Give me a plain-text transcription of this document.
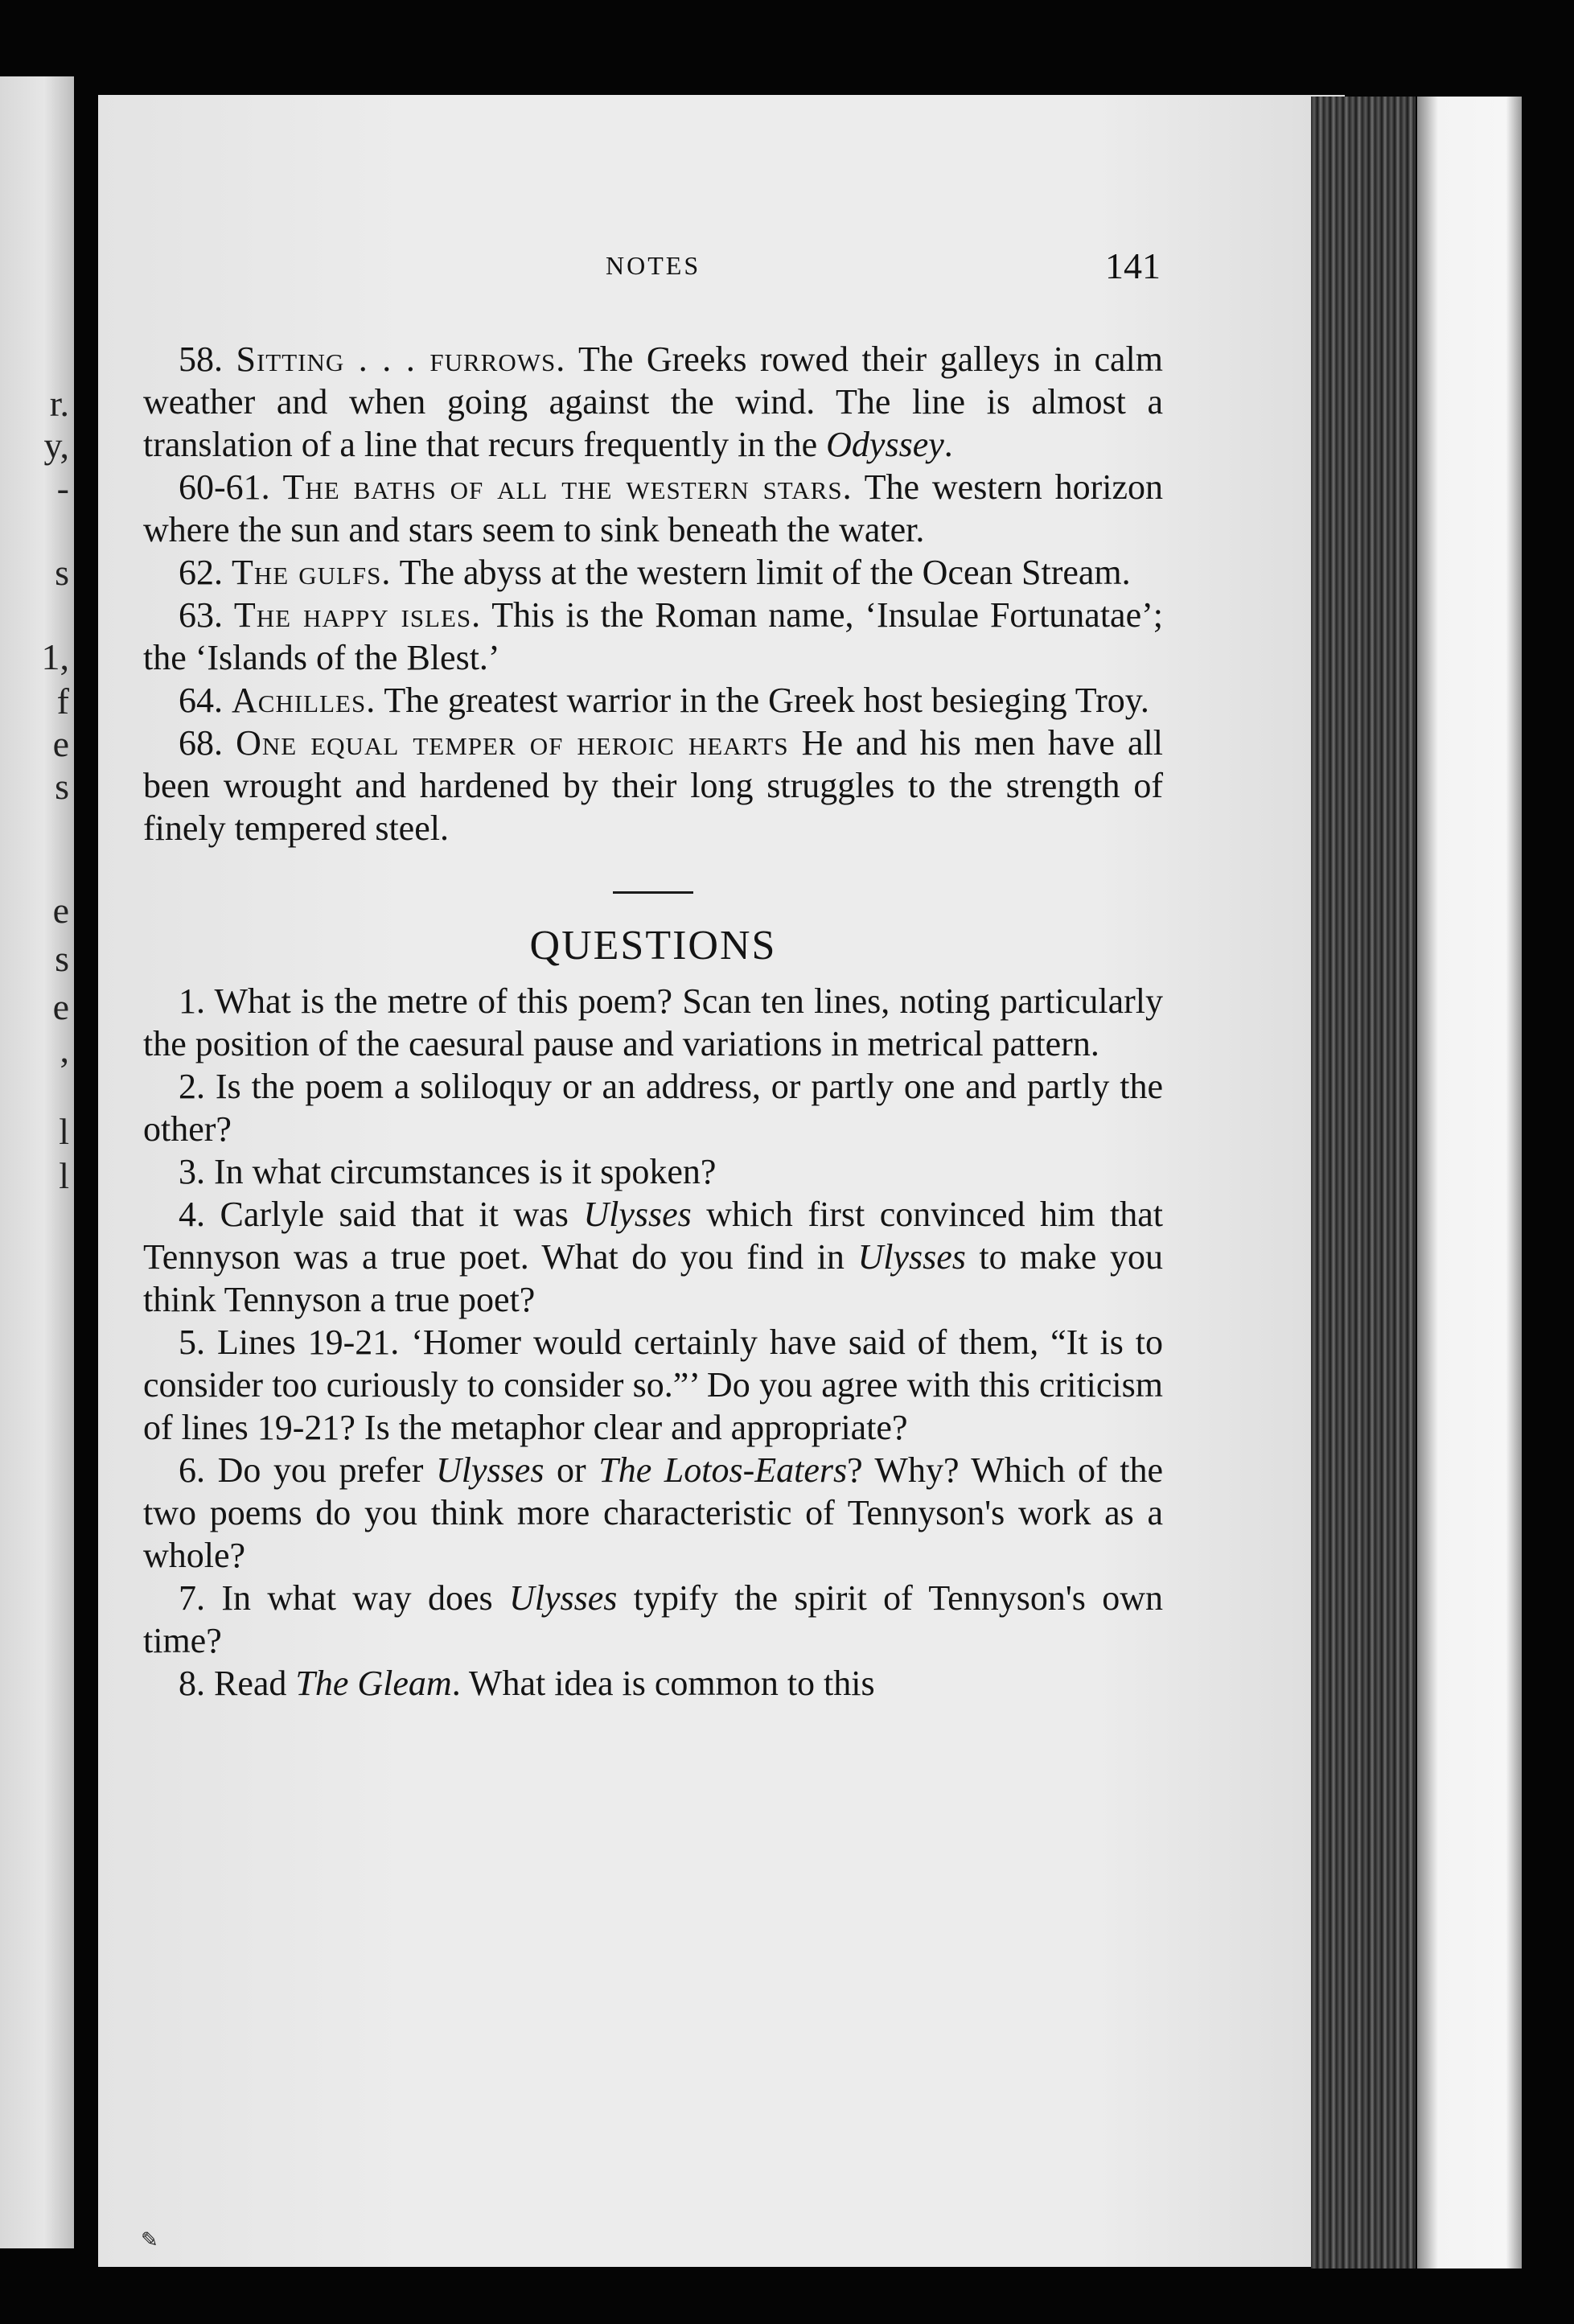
r.
y,
-
s
1,
f
e
s
e
s
e
,
l
l
NOTES	141

58. Sitting . . . furrows. The Greeks rowed their galleys in calm weather and when going against the wind. The line is almost a translation of a line that recurs frequently in the Odyssey.

60-61. The baths of all the western stars. The western horizon where the sun and stars seem to sink beneath the water.

62. The gulfs. The abyss at the western limit of the Ocean Stream.

63. The happy isles. This is the Roman name, ‘Insulae Fortunatae’; the ‘Islands of the Blest.’

64. Achilles. The greatest warrior in the Greek host besieging Troy.

68. One equal temper of heroic hearts He and his men have all been wrought and hardened by their long struggles to the strength of finely tempered steel.

QUESTIONS

1. What is the metre of this poem? Scan ten lines, noting particularly the position of the caesural pause and variations in metrical pattern.

2. Is the poem a soliloquy or an address, or partly one and partly the other?

3. In what circumstances is it spoken?

4. Carlyle said that it was Ulysses which first convinced him that Tennyson was a true poet. What do you find in Ulysses to make you think Tennyson a true poet?

5. Lines 19-21. ‘Homer would certainly have said of them, “It is to consider too curiously to consider so.”’ Do you agree with this criticism of lines 19-21? Is the metaphor clear and appropriate?

6. Do you prefer Ulysses or The Lotos-Eaters? Why? Which of the two poems do you think more characteristic of Tennyson's work as a whole?

7. In what way does Ulysses typify the spirit of Tennyson's own time?

8. Read The Gleam. What idea is common to this

✎
